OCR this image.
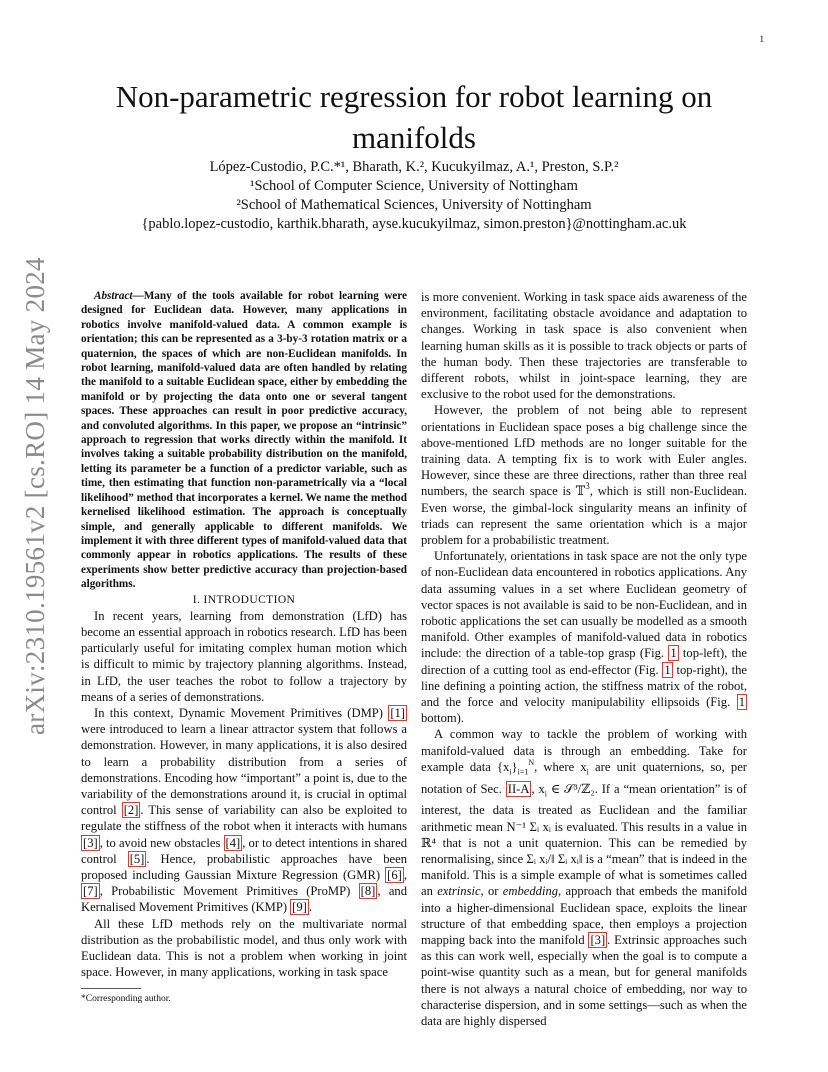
1
arXiv:2310.19561v2 [cs.RO] 14 May 2024
Non-parametric regression for robot learning on
manifolds
López-Custodio, P.C.*¹, Bharath, K.², Kucukyilmaz, A.¹, Preston, S.P.²
¹School of Computer Science, University of Nottingham
²School of Mathematical Sciences, University of Nottingham
{pablo.lopez-custodio, karthik.bharath, ayse.kucukyilmaz, simon.preston}@nottingham.ac.uk

Abstract—Many of the tools available for robot learning were designed for Euclidean data. However, many applications in robotics involve manifold-valued data. A common example is orientation; this can be represented as a 3-by-3 rotation matrix or a quaternion, the spaces of which are non-Euclidean manifolds. In robot learning, manifold-valued data are often handled by relating the manifold to a suitable Euclidean space, either by embedding the manifold or by projecting the data onto one or several tangent spaces. These approaches can result in poor predictive accuracy, and convoluted algorithms. In this paper, we propose an “intrinsic” approach to regression that works directly within the manifold. It involves taking a suitable probability distribution on the manifold, letting its parameter be a function of a predictor variable, such as time, then estimating that function non-parametrically via a “local likelihood” method that incorporates a kernel. We name the method kernelised likelihood estimation. The approach is conceptually simple, and generally applicable to different manifolds. We implement it with three different types of manifold-valued data that commonly appear in robotics applications. The results of these experiments show better predictive accuracy than projection-based algorithms.

I. INTRODUCTION

In recent years, learning from demonstration (LfD) has become an essential approach in robotics research. LfD has been particularly useful for imitating complex human motion which is difficult to mimic by trajectory planning algorithms. Instead, in LfD, the user teaches the robot to follow a trajectory by means of a series of demonstrations.

In this context, Dynamic Movement Primitives (DMP) [1] were introduced to learn a linear attractor system that follows a demonstration. However, in many applications, it is also desired to learn a probability distribution from a series of demonstrations. Encoding how “important” a point is, due to the variability of the demonstrations around it, is crucial in optimal control [2] . This sense of variability can also be exploited to regulate the stiffness of the robot when it interacts with humans [3] , to avoid new obstacles [4] , or to detect intentions in shared control [5] . Hence, probabilistic approaches have been proposed including Gaussian Mixture Regression (GMR) [6] , [7] , Probabilistic Movement Primitives (ProMP) [8] , and Kernalised Movement Primitives (KMP) [9] .

All these LfD methods rely on the multivariate normal distribution as the probabilistic model, and thus only work with Euclidean data. This is not a problem when working in joint space. However, in many applications, working in task space

is more convenient. Working in task space aids awareness of the environment, facilitating obstacle avoidance and adaptation to changes. Working in task space is also convenient when learning human skills as it is possible to track objects or parts of the human body. Then these trajectories are transferable to different robots, whilst in joint-space learning, they are exclusive to the robot used for the demonstrations.

However, the problem of not being able to represent orientations in Euclidean space poses a big challenge since the above-mentioned LfD methods are no longer suitable for the training data. A tempting fix is to work with Euler angles. However, since these are three directions, rather than three real numbers, the search space is 𝕋$^3$, which is still non-Euclidean. Even worse, the gimbal-lock singularity means an infinity of triads can represent the same orientation which is a major problem for a probabilistic treatment.

Unfortunately, orientations in task space are not the only type of non-Euclidean data encountered in robotics applications. Any data assuming values in a set where Euclidean geometry of vector spaces is not available is said to be non-Euclidean, and in robotic applications the set can usually be modelled as a smooth manifold. Other examples of manifold-valued data in robotics include: the direction of a table-top grasp (Fig. 1 top-left), the direction of a cutting tool as end-effector (Fig. 1 top-right), the line defining a pointing action, the stiffness matrix of the robot, and the force and velocity manipulability ellipsoids (Fig. 1 bottom).

A common way to tackle the problem of working with manifold-valued data is through an embedding. Take for example data $\{x_i\}_{i=1}^N$, where $x_i$ are unit quaternions, so, per notation of Sec. II-A , $x_i$ ∈ 𝒮³/ℤ₂. If a “mean orientation” is of interest, the data is treated as Euclidean and the familiar arithmetic mean N⁻¹ Σᵢ xᵢ is evaluated. This results in a value in ℝ⁴ that is not a unit quaternion. This can be remedied by renormalising, since Σᵢ xᵢ/‖ Σᵢ xᵢ‖ is a “mean” that is indeed in the manifold. This is a simple example of what is sometimes called an extrinsic, or embedding, approach that embeds the manifold into a higher-dimensional Euclidean space, exploits the linear structure of that embedding space, then employs a projection mapping back into the manifold [3] . Extrinsic approaches such as this can work well, especially when the goal is to compute a point-wise quantity such as a mean, but for general manifolds there is not always a natural choice of embedding, nor way to characterise dispersion, and in some settings—such as when the data are highly dispersed

*Corresponding author.
